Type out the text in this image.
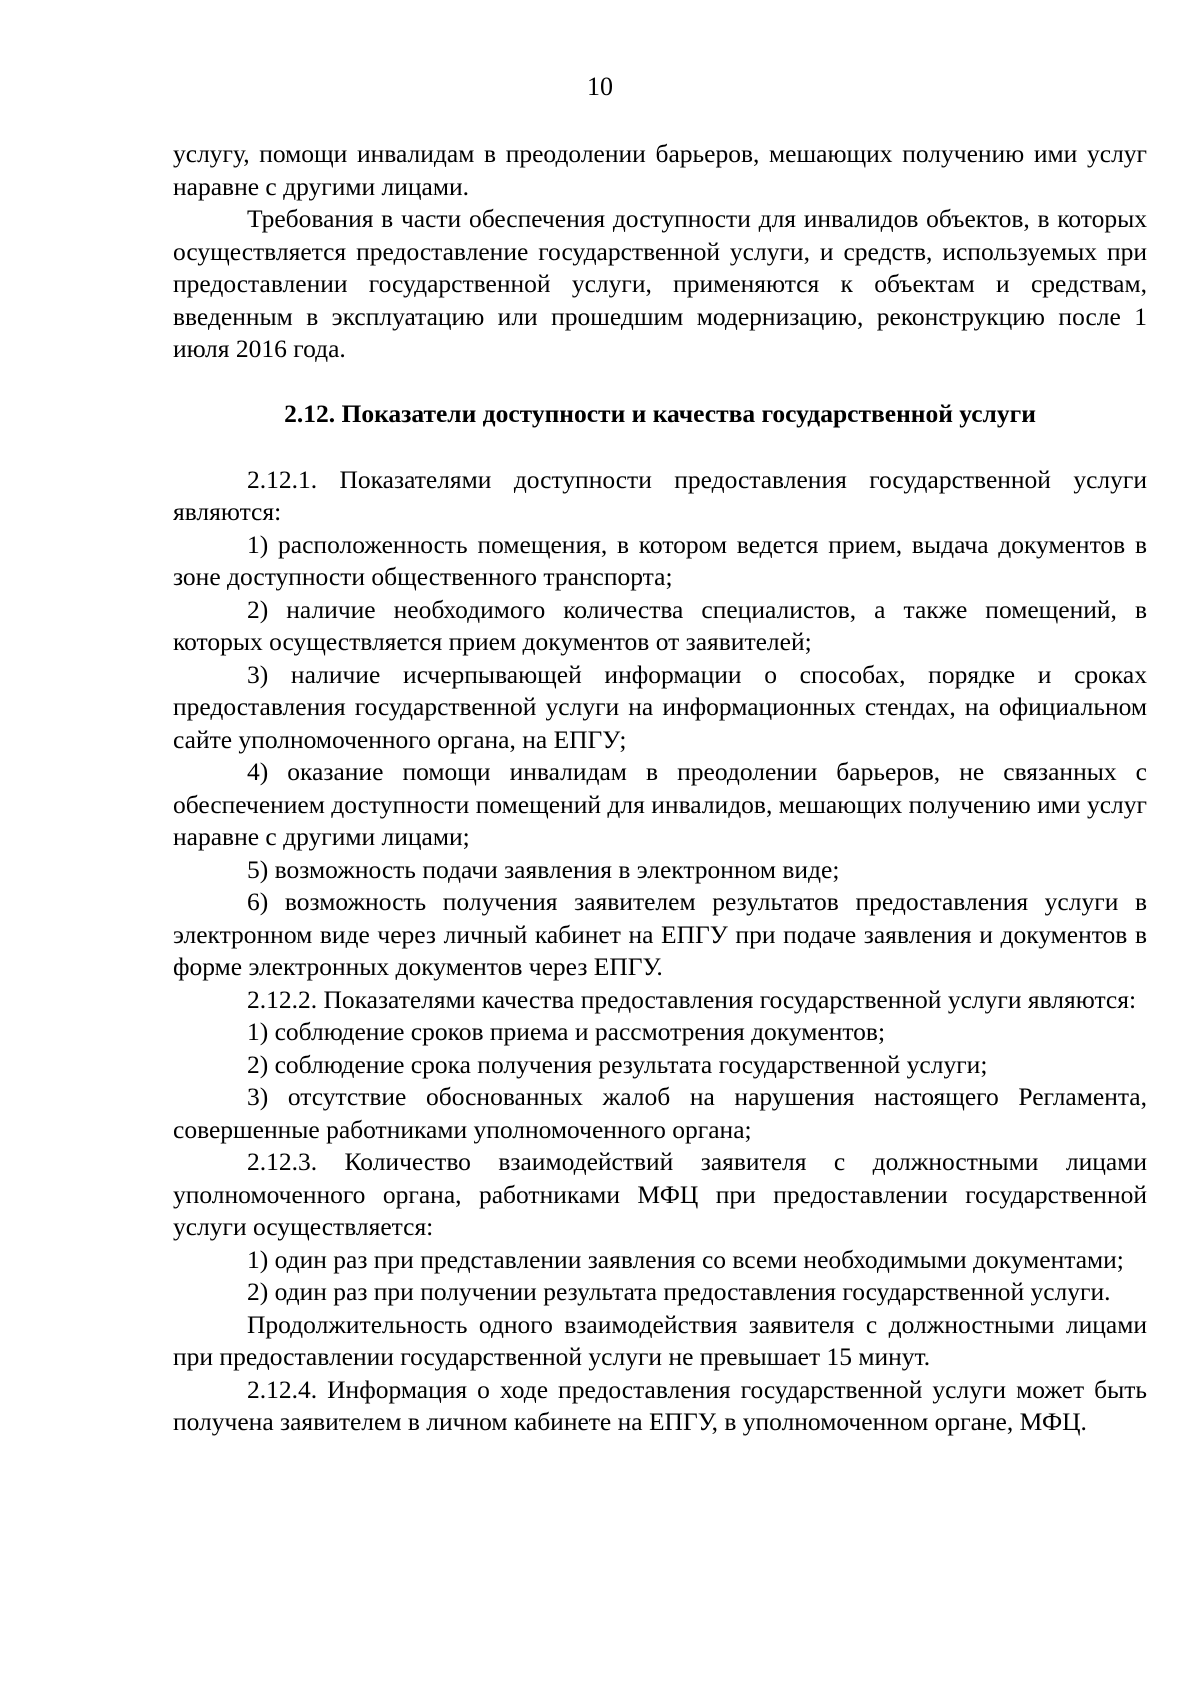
10

услугу, помощи инвалидам в преодолении барьеров, мешающих получению ими услуг наравне с другими лицами.

Требования в части обеспечения доступности для инвалидов объектов, в которых осуществляется предоставление государственной услуги, и средств, используемых при предоставлении государственной услуги, применяются к объектам и средствам, введенным в эксплуатацию или прошедшим модернизацию, реконструкцию после 1 июля 2016 года.

2.12. Показатели доступности и качества государственной услуги

2.12.1. Показателями доступности предоставления государственной услуги являются:

1) расположенность помещения, в котором ведется прием, выдача документов в зоне доступности общественного транспорта;

2) наличие необходимого количества специалистов, а также помещений, в которых осуществляется прием документов от заявителей;

3) наличие исчерпывающей информации о способах, порядке и сроках предоставления государственной услуги на информационных стендах, на официальном сайте уполномоченного органа, на ЕПГУ;

4) оказание помощи инвалидам в преодолении барьеров, не связанных с обеспечением доступности помещений для инвалидов, мешающих получению ими услуг наравне с другими лицами;

5) возможность подачи заявления в электронном виде;

6) возможность получения заявителем результатов предоставления услуги в электронном виде через личный кабинет на ЕПГУ при подаче заявления и документов в форме электронных документов через ЕПГУ.

2.12.2. Показателями качества предоставления государственной услуги являются:

1) соблюдение сроков приема и рассмотрения документов;

2) соблюдение срока получения результата государственной услуги;

3) отсутствие обоснованных жалоб на нарушения настоящего Регламента, совершенные работниками уполномоченного органа;

2.12.3. Количество взаимодействий заявителя с должностными лицами уполномоченного органа, работниками МФЦ при предоставлении государственной услуги осуществляется:

1) один раз при представлении заявления со всеми необходимыми документами;

2) один раз при получении результата предоставления государственной услуги.

Продолжительность одного взаимодействия заявителя с должностными лицами при предоставлении государственной услуги не превышает 15 минут.

2.12.4. Информация о ходе предоставления государственной услуги может быть получена заявителем в личном кабинете на ЕПГУ, в уполномоченном органе, МФЦ.
